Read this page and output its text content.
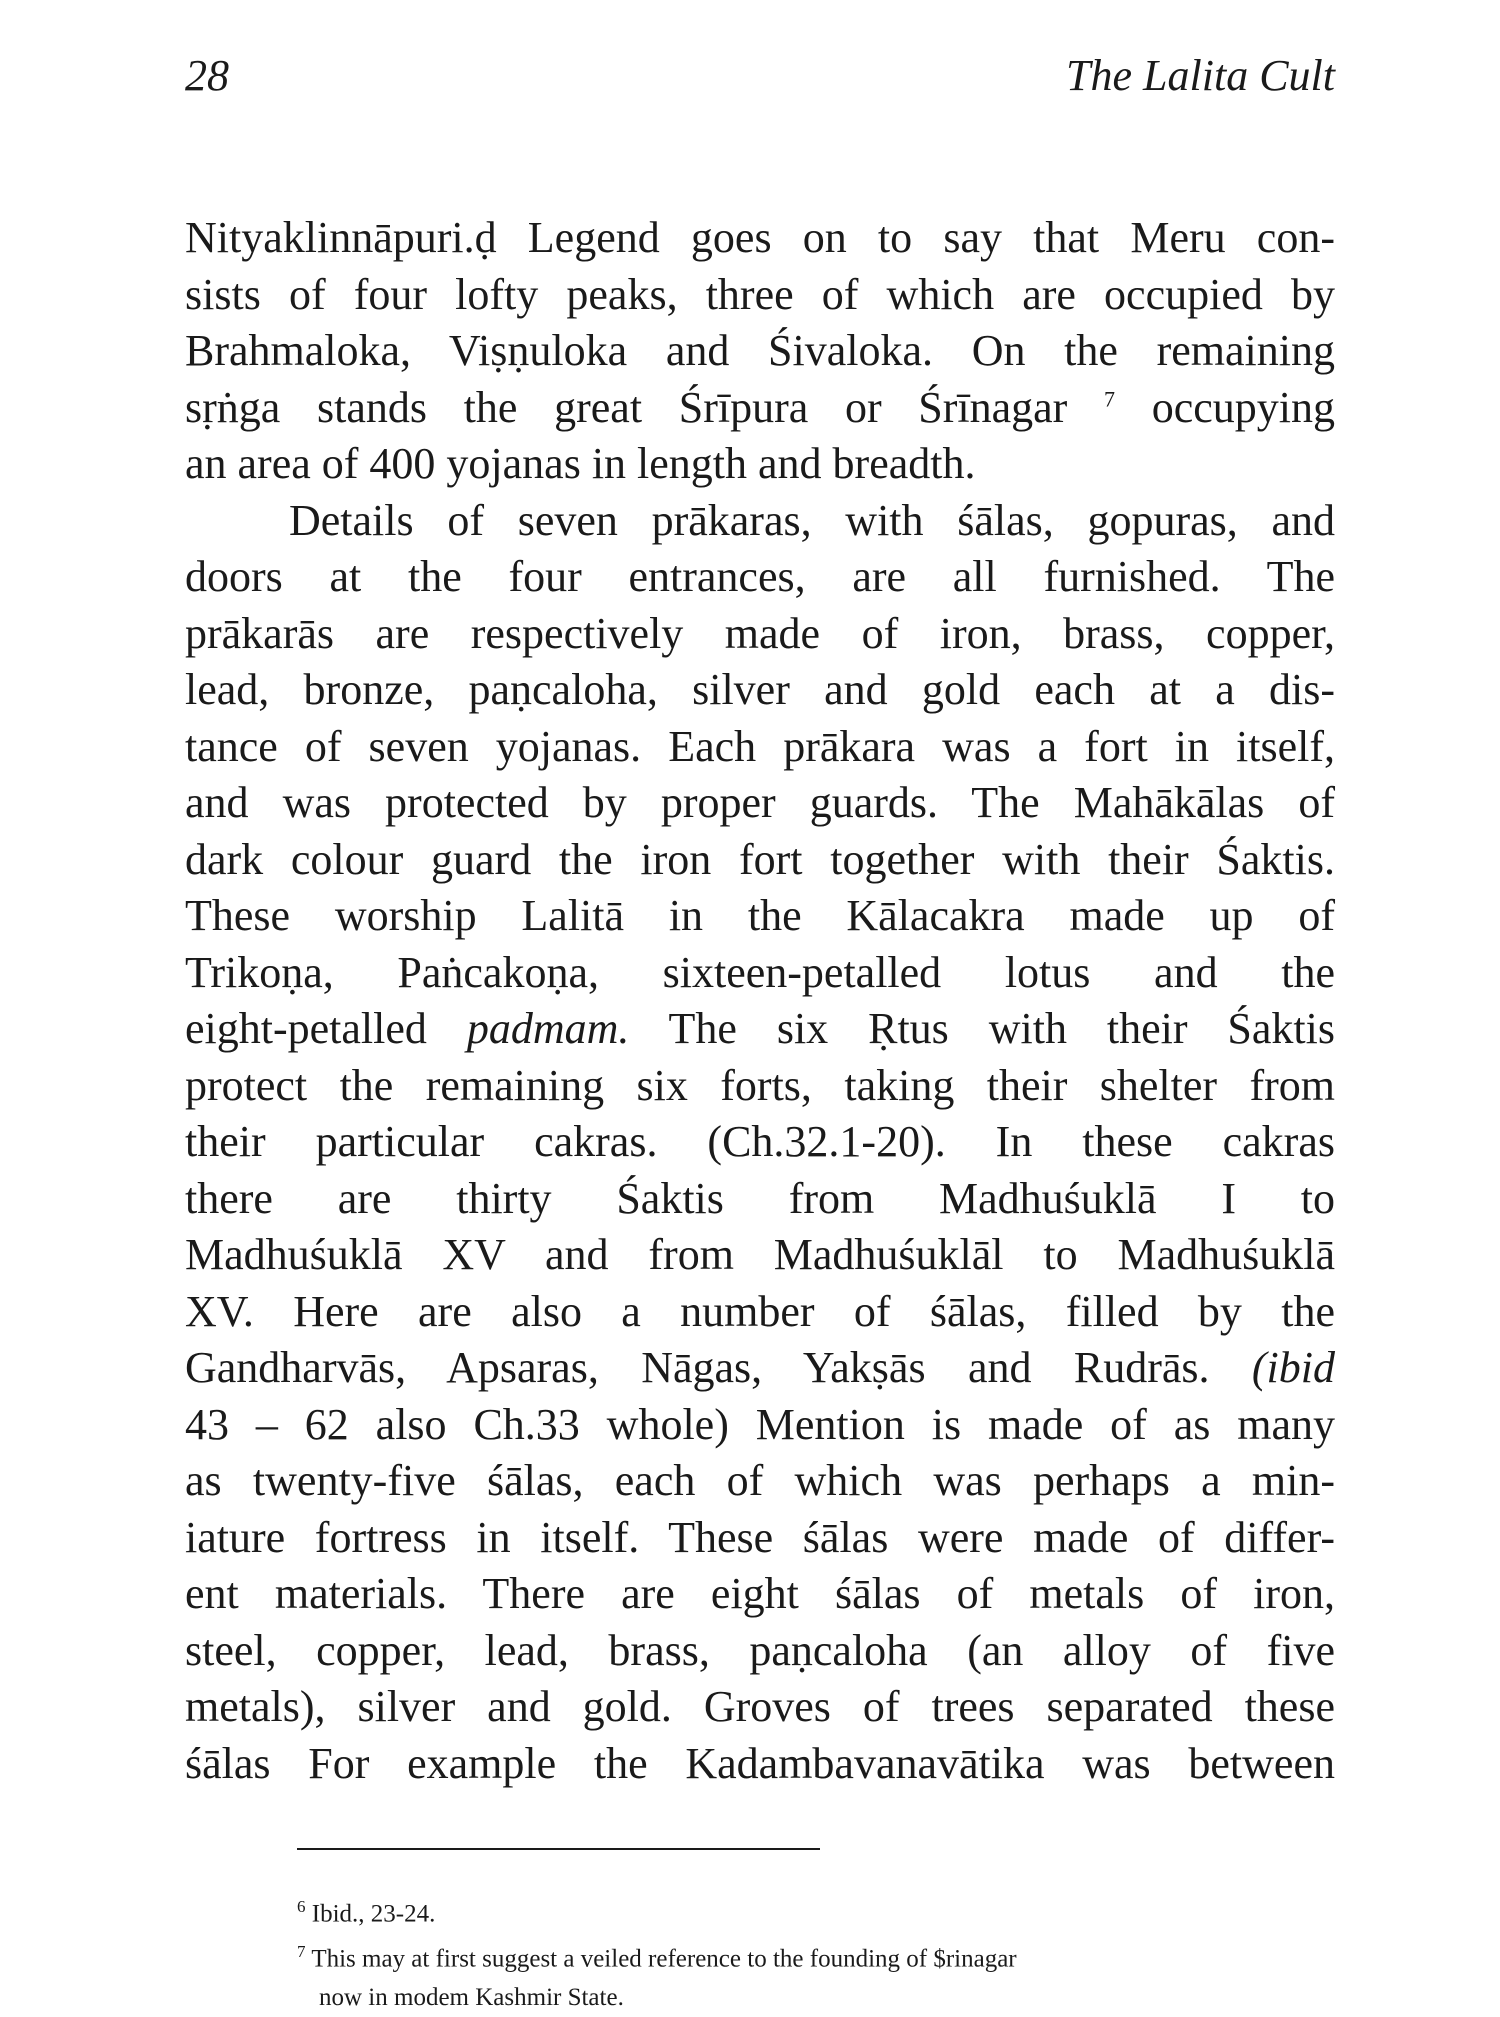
28	The Lalita Cult

Nityaklinnāpuri.ḍ Legend goes on to say that Meru con-
sists of four lofty peaks, three of which are occupied by
Brahmaloka, Viṣṇuloka and Śivaloka. On the remaining
sṛṅga stands the great Śrīpura or Śrīnagar $^7$ occupying
an area of 400 yojanas in length and breadth.

Details of seven prākaras, with śālas, gopuras, and
doors at the four entrances, are all furnished. The
prākarās are respectively made of iron, brass, copper,
lead, bronze, paṇcaloha, silver and gold each at a dis-
tance of seven yojanas. Each prākara was a fort in itself,
and was protected by proper guards. The Mahākālas of
dark colour guard the iron fort together with their Śaktis.
These worship Lalitā in the Kālacakra made up of
Trikoṇa, Paṅcakoṇa, sixteen-petalled lotus and the
eight-petalled padmam. The six Ṛtus with their Śaktis
protect the remaining six forts, taking their shelter from
their particular cakras. (Ch.32.1-20). In these cakras
there are thirty Śaktis from Madhuśuklā I to
Madhuśuklā XV and from Madhuśuklāl to Madhuśuklā
XV. Here are also a number of śālas, filled by the
Gandharvās, Apsaras, Nāgas, Yakṣās and Rudrās. (ibid
43 – 62 also Ch.33 whole) Mention is made of as many
as twenty-five śālas, each of which was perhaps a min-
iature fortress in itself. These śālas were made of differ-
ent materials. There are eight śālas of metals of iron,
steel, copper, lead, brass, paṇcaloha (an alloy of five
metals), silver and gold. Groves of trees separated these
śālas For example the Kadambavanavātika was between

$^6$ Ibid., 23-24.
$^7$ This may at first suggest a veiled reference to the founding of $rinagar
now in modem Kashmir State.
